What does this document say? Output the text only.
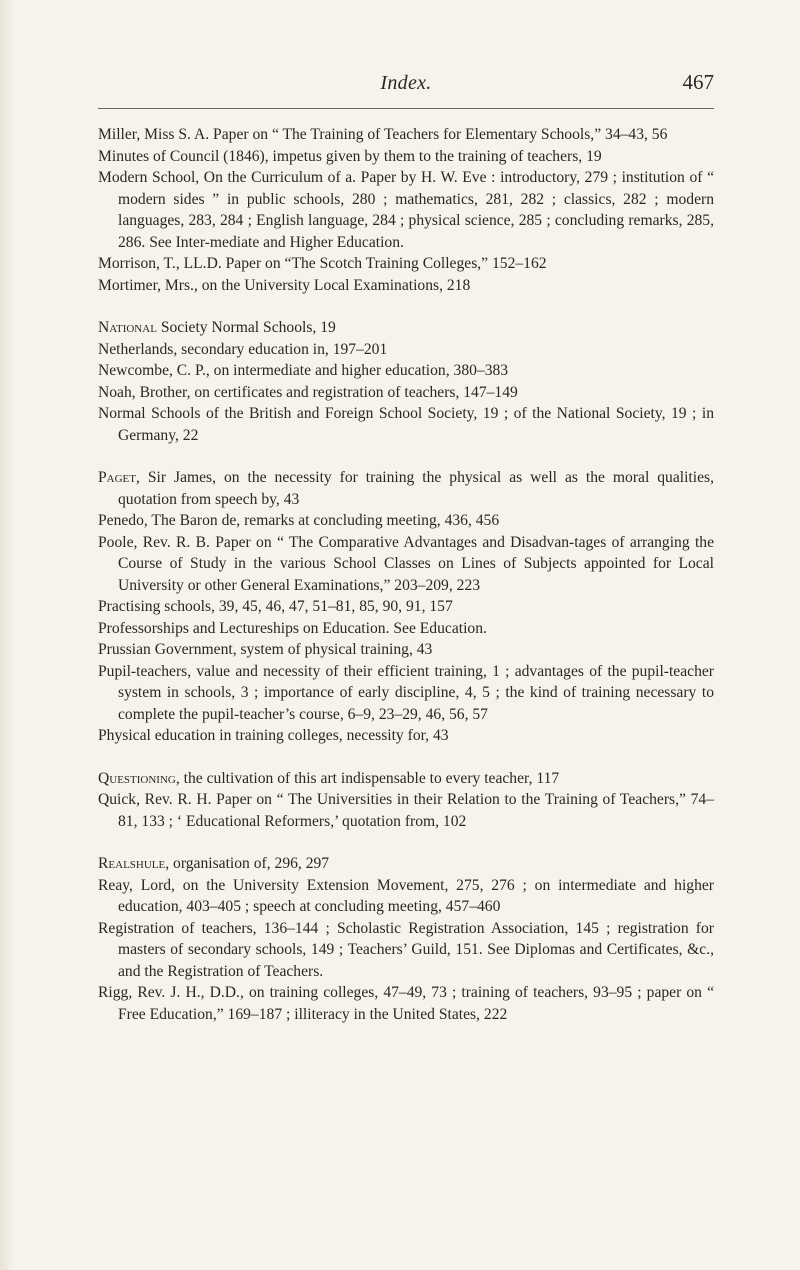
Index.	467

Miller, Miss S. A. Paper on “ The Training of Teachers for Elementary Schools,” 34–43, 56

Minutes of Council (1846), impetus given by them to the training of teachers, 19

Modern School, On the Curriculum of a. Paper by H. W. Eve : introductory, 279 ; institution of “ modern sides ” in public schools, 280 ; mathematics, 281, 282 ; classics, 282 ; modern languages, 283, 284 ; English language, 284 ; physical science, 285 ; concluding remarks, 285, 286. See Inter-mediate and Higher Education.

Morrison, T., LL.D. Paper on “The Scotch Training Colleges,” 152–162

Mortimer, Mrs., on the University Local Examinations, 218

National Society Normal Schools, 19

Netherlands, secondary education in, 197–201

Newcombe, C. P., on intermediate and higher education, 380–383

Noah, Brother, on certificates and registration of teachers, 147–149

Normal Schools of the British and Foreign School Society, 19 ; of the National Society, 19 ; in Germany, 22

Paget, Sir James, on the necessity for training the physical as well as the moral qualities, quotation from speech by, 43

Penedo, The Baron de, remarks at concluding meeting, 436, 456

Poole, Rev. R. B. Paper on “ The Comparative Advantages and Disadvan-tages of arranging the Course of Study in the various School Classes on Lines of Subjects appointed for Local University or other General Examinations,” 203–209, 223

Practising schools, 39, 45, 46, 47, 51–81, 85, 90, 91, 157

Professorships and Lectureships on Education. See Education.

Prussian Government, system of physical training, 43

Pupil-teachers, value and necessity of their efficient training, 1 ; advantages of the pupil-teacher system in schools, 3 ; importance of early discipline, 4, 5 ; the kind of training necessary to complete the pupil-teacher’s course, 6–9, 23–29, 46, 56, 57

Physical education in training colleges, necessity for, 43

Questioning, the cultivation of this art indispensable to every teacher, 117

Quick, Rev. R. H. Paper on “ The Universities in their Relation to the Training of Teachers,” 74–81, 133 ; ‘ Educational Reformers,’ quotation from, 102

Realshule, organisation of, 296, 297

Reay, Lord, on the University Extension Movement, 275, 276 ; on intermediate and higher education, 403–405 ; speech at concluding meeting, 457–460

Registration of teachers, 136–144 ; Scholastic Registration Association, 145 ; registration for masters of secondary schools, 149 ; Teachers’ Guild, 151. See Diplomas and Certificates, &c., and the Registration of Teachers.

Rigg, Rev. J. H., D.D., on training colleges, 47–49, 73 ; training of teachers, 93–95 ; paper on “ Free Education,” 169–187 ; illiteracy in the United States, 222
